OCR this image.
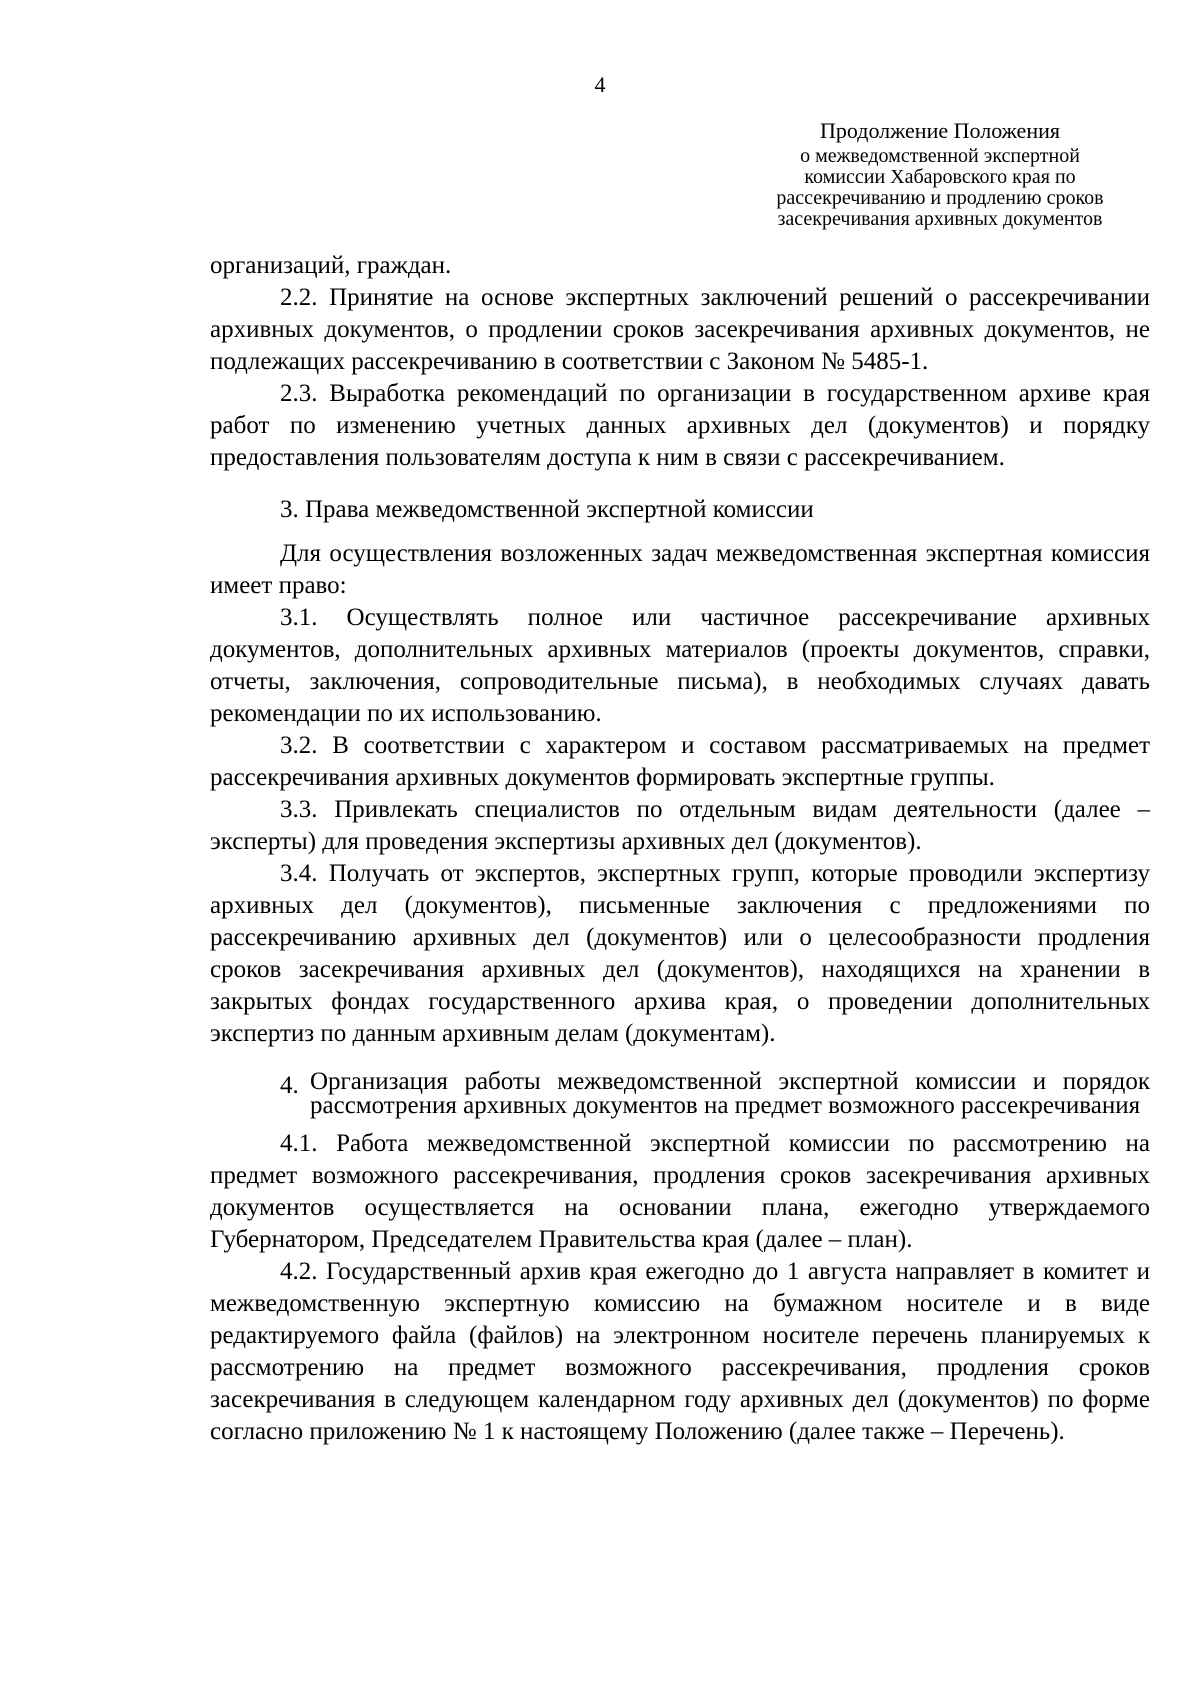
4
Продолжение Положения
о межведомственной экспертной
комиссии Хабаровского края по
рассекречиванию и продлению сроков
засекречивания архивных документов

организаций, граждан.

2.2. Принятие на основе экспертных заключений решений о рассекречивании архивных документов, о продлении сроков засекречивания архивных документов, не подлежащих рассекречиванию в соответствии с Законом № 5485-1.

2.3. Выработка рекомендаций по организации в государственном архиве края работ по изменению учетных данных архивных дел (документов) и порядку предоставления пользователям доступа к ним в связи с рассекречиванием.

3. Права межведомственной экспертной комиссии

Для осуществления возложенных задач межведомственная экспертная комиссия имеет право:

3.1. Осуществлять полное или частичное рассекречивание архивных документов, дополнительных архивных материалов (проекты документов, справки, отчеты, заключения, сопроводительные письма), в необходимых случаях давать рекомендации по их использованию.

3.2. В соответствии с характером и составом рассматриваемых на предмет рассекречивания архивных документов формировать экспертные группы.

3.3. Привлекать специалистов по отдельным видам деятельности (далее – эксперты) для проведения экспертизы архивных дел (документов).

3.4. Получать от экспертов, экспертных групп, которые проводили экспертизу архивных дел (документов), письменные заключения с предложениями по рассекречиванию архивных дел (документов) или о целесообразности продления сроков засекречивания архивных дел (документов), находящихся на хранении в закрытых фондах государственного архива края, о проведении дополнительных экспертиз по данным архивным делам (документам).

4. Организация работы межведомственной экспертной комиссии и порядок рассмотрения архивных документов на предмет возможного рассекречивания

4.1. Работа межведомственной экспертной комиссии по рассмотрению на предмет возможного рассекречивания, продления сроков засекречивания архивных документов осуществляется на основании плана, ежегодно утверждаемого Губернатором, Председателем Правительства края (далее – план).

4.2. Государственный архив края ежегодно до 1 августа направляет в комитет и межведомственную экспертную комиссию на бумажном носителе и в виде редактируемого файла (файлов) на электронном носителе перечень планируемых к рассмотрению на предмет возможного рассекречивания, продления сроков засекречивания в следующем календарном году архивных дел (документов) по форме согласно приложению № 1 к настоящему Положению (далее также – Перечень).
